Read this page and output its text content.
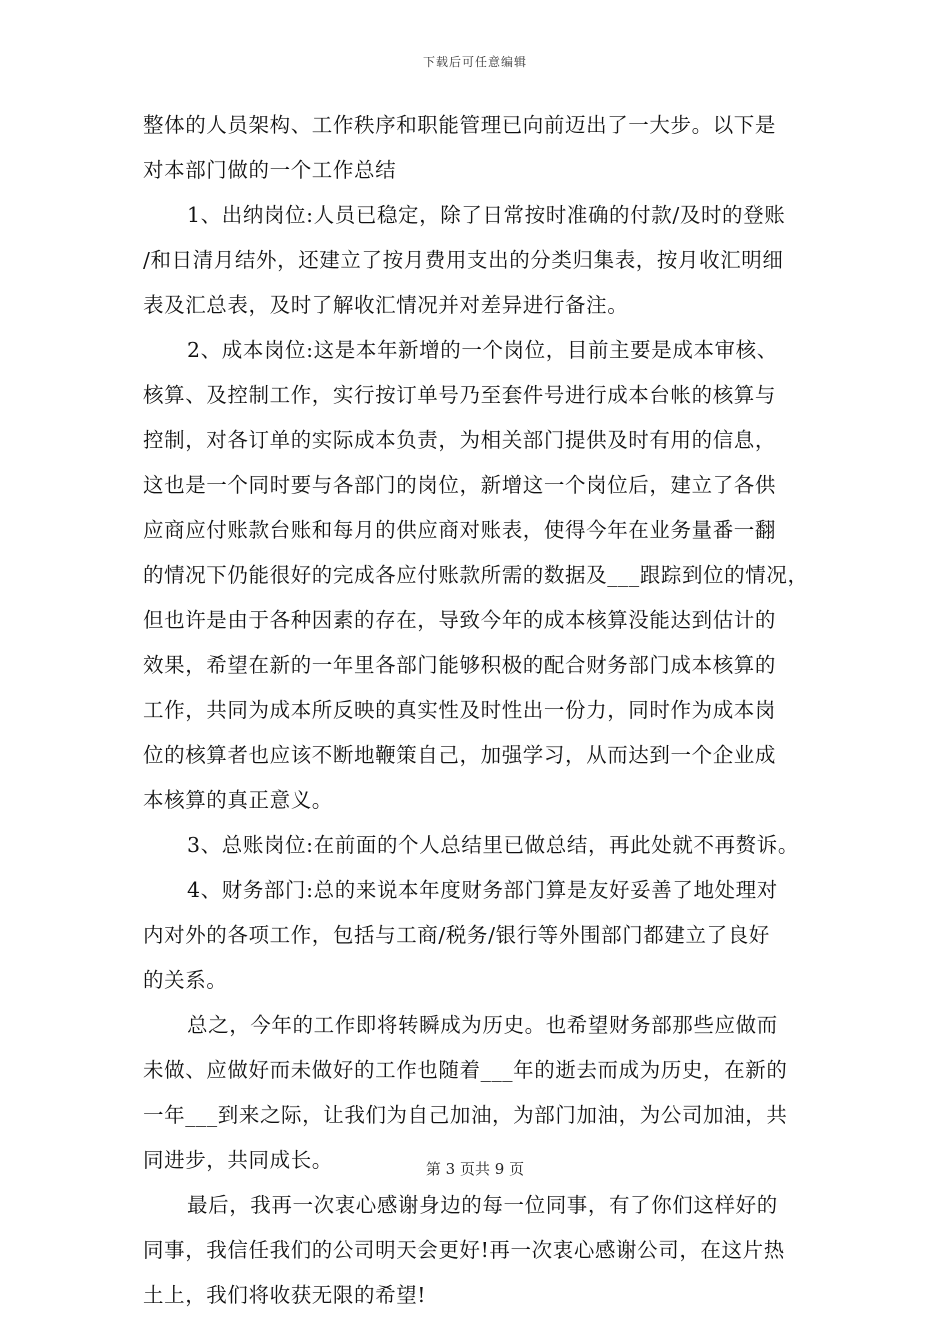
下载后可任意编辑
整体的人员架构、工作秩序和职能管理已向前迈出了一大步。以下是
对本部门做的一个工作总结
1、出纳岗位:人员已稳定，除了日常按时准确的付款/及时的登账
/和日清月结外，还建立了按月费用支出的分类归集表，按月收汇明细
表及汇总表，及时了解收汇情况并对差异进行备注。
2、成本岗位:这是本年新增的一个岗位，目前主要是成本审核、
核算、及控制工作，实行按订单号乃至套件号进行成本台帐的核算与
控制，对各订单的实际成本负责，为相关部门提供及时有用的信息，
这也是一个同时要与各部门的岗位，新增这一个岗位后，建立了各供
应商应付账款台账和每月的供应商对账表，使得今年在业务量番一翻
的情况下仍能很好的完成各应付账款所需的数据及___跟踪到位的情况，
但也许是由于各种因素的存在，导致今年的成本核算没能达到估计的
效果，希望在新的一年里各部门能够积极的配合财务部门成本核算的
工作，共同为成本所反映的真实性及时性出一份力，同时作为成本岗
位的核算者也应该不断地鞭策自己，加强学习，从而达到一个企业成
本核算的真正意义。
3、总账岗位:在前面的个人总结里已做总结，再此处就不再赘诉。
4、财务部门:总的来说本年度财务部门算是友好妥善了地处理对
内对外的各项工作，包括与工商/税务/银行等外围部门都建立了良好
的关系。
总之，今年的工作即将转瞬成为历史。也希望财务部那些应做而
未做、应做好而未做好的工作也随着___年的逝去而成为历史，在新的
一年___到来之际，让我们为自己加油，为部门加油，为公司加油，共
同进步，共同成长。
最后，我再一次衷心感谢身边的每一位同事，有了你们这样好的
同事，我信任我们的公司明天会更好!再一次衷心感谢公司，在这片热
土上，我们将收获无限的希望!
第 3 页共 9 页
